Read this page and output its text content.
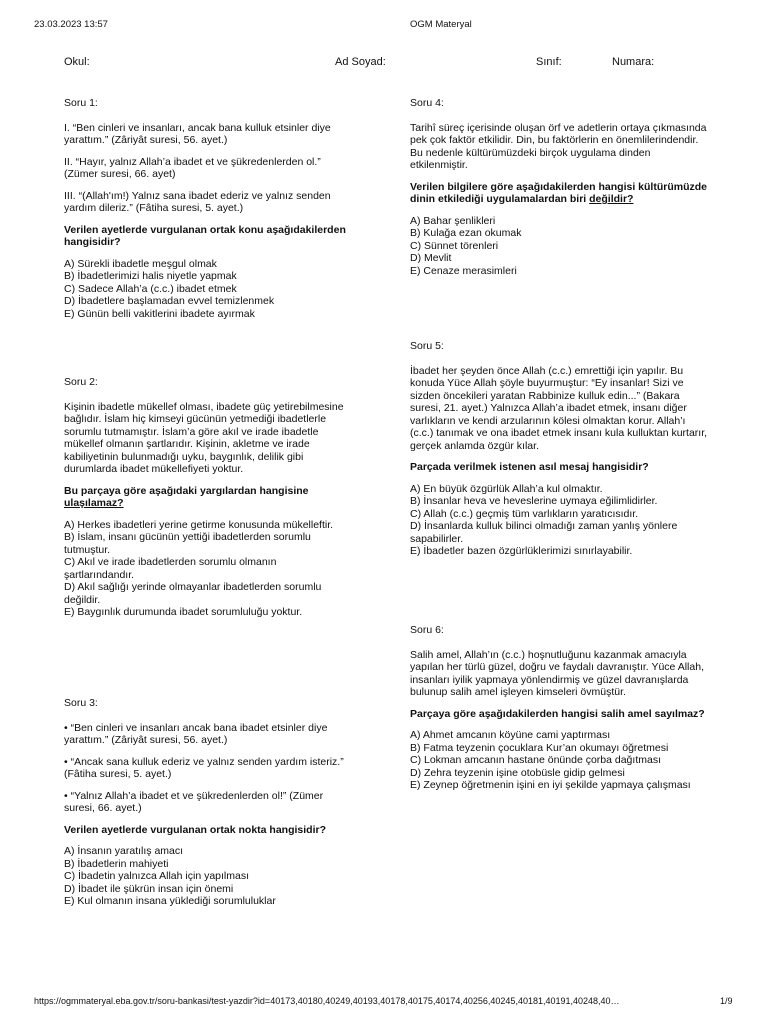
23.03.2023 13:57	OGM Materyal
Okul:	Ad Soyad:	Sınıf:	Numara:

Soru 1:

I. “Ben cinleri ve insanları, ancak bana kulluk etsinler diye yarattım.” (Zâriyât suresi, 56. ayet.)

II. “Hayır, yalnız Allah’a ibadet et ve şükredenlerden ol.” (Zümer suresi, 66. ayet)

III. “(Allah'ım!) Yalnız sana ibadet ederiz ve yalnız senden yardım dileriz.” (Fâtiha suresi, 5. ayet.)

Verilen ayetlerde vurgulanan ortak konu aşağıdakilerden hangisidir?

A) Sürekli ibadetle meşgul olmak
B) İbadetlerimizi halis niyetle yapmak
C) Sadece Allah’a (c.c.) ibadet etmek
D) İbadetlere başlamadan evvel temizlenmek
E) Günün belli vakitlerini ibadete ayırmak

Soru 2:

Kişinin ibadetle mükellef olması, ibadete güç yetirebilmesine bağlıdır. İslam hiç kimseyi gücünün yetmediği ibadetlerle sorumlu tutmamıştır. İslam’a göre akıl ve irade ibadetle mükellef olmanın şartlarıdır. Kişinin, akletme ve irade kabiliyetinin bulunmadığı uyku, baygınlık, delilik gibi durumlarda ibadet mükellefiyeti yoktur.

Bu parçaya göre aşağıdaki yargılardan hangisine ulaşılamaz?

A) Herkes ibadetleri yerine getirme konusunda mükelleftir.
B) İslam, insanı gücünün yettiği ibadetlerden sorumlu tutmuştur.
C) Akıl ve irade ibadetlerden sorumlu olmanın şartlarındandır.
D) Akıl sağlığı yerinde olmayanlar ibadetlerden sorumlu değildir.
E) Baygınlık durumunda ibadet sorumluluğu yoktur.

Soru 3:

• “Ben cinleri ve insanları ancak bana ibadet etsinler diye yarattım.” (Zâriyât suresi, 56. ayet.)

• “Ancak sana kulluk ederiz ve yalnız senden yardım isteriz.” (Fâtiha suresi, 5. ayet.)

• “Yalnız Allah’a ibadet et ve şükredenlerden ol!” (Zümer suresi, 66. ayet.)

Verilen ayetlerde vurgulanan ortak nokta hangisidir?

A) İnsanın yaratılış amacı
B) İbadetlerin mahiyeti
C) İbadetin yalnızca Allah için yapılması
D) İbadet ile şükrün insan için önemi
E) Kul olmanın insana yüklediği sorumluluklar

Soru 4:

Tarihî süreç içerisinde oluşan örf ve adetlerin ortaya çıkmasında pek çok faktör etkilidir. Din, bu faktörlerin en önemlilerindendir. Bu nedenle kültürümüzdeki birçok uygulama dinden etkilenmiştir.

Verilen bilgilere göre aşağıdakilerden hangisi kültürümüzde dinin etkilediği uygulamalardan biri değildir?

A) Bahar şenlikleri
B) Kulağa ezan okumak
C) Sünnet törenleri
D) Mevlit
E) Cenaze merasimleri

Soru 5:

İbadet her şeyden önce Allah (c.c.) emrettiği için yapılır. Bu konuda Yüce Allah şöyle buyurmuştur: “Ey insanlar! Sizi ve sizden öncekileri yaratan Rabbinize kulluk edin...” (Bakara suresi, 21. ayet.) Yalnızca Allah’a ibadet etmek, insanı diğer varlıkların ve kendi arzularının kölesi olmaktan korur. Allah’ı (c.c.) tanımak ve ona ibadet etmek insanı kula kulluktan kurtarır, gerçek anlamda özgür kılar.

Parçada verilmek istenen asıl mesaj hangisidir?

A) En büyük özgürlük Allah’a kul olmaktır.
B) İnsanlar heva ve heveslerine uymaya eğilimlidirler.
C) Allah (c.c.) geçmiş tüm varlıkların yaratıcısıdır.
D) İnsanlarda kulluk bilinci olmadığı zaman yanlış yönlere sapabilirler.
E) İbadetler bazen özgürlüklerimizi sınırlayabilir.

Soru 6:

Salih amel, Allah’ın (c.c.) hoşnutluğunu kazanmak amacıyla yapılan her türlü güzel, doğru ve faydalı davranıştır. Yüce Allah, insanları iyilik yapmaya yönlendirmiş ve güzel davranışlarda bulunup salih amel işleyen kimseleri övmüştür.

Parçaya göre aşağıdakilerden hangisi salih amel sayılmaz?

A) Ahmet amcanın köyüne cami yaptırması
B) Fatma teyzenin çocuklara Kur’an okumayı öğretmesi
C) Lokman amcanın hastane önünde çorba dağıtması
D) Zehra teyzenin işine otobüsle gidip gelmesi
E) Zeynep öğretmenin işini en iyi şekilde yapmaya çalışması
https://ogmmateryal.eba.gov.tr/soru-bankasi/test-yazdir?id=40173,40180,40249,40193,40178,40175,40174,40256,40245,40181,40191,40248,40…	1/9
